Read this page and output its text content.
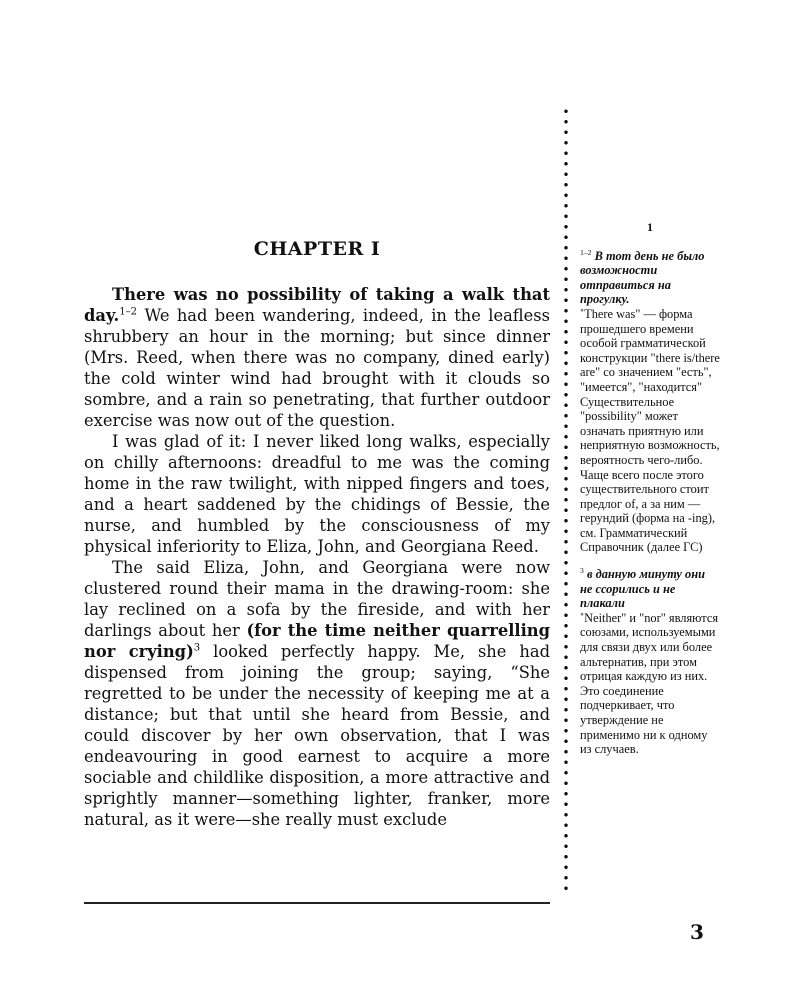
CHAPTER I

There was no possibility of taking a walk that day.$^{1-2}$ We had been wandering, indeed, in the leafless shrubbery an hour in the morning; but since dinner (Mrs. Reed, when there was no company, dined early) the cold winter wind had brought with it clouds so sombre, and a rain so penetrating, that further outdoor exercise was now out of the question.

I was glad of it: I never liked long walks, especially on chilly afternoons: dreadful to me was the coming home in the raw twilight, with nipped fingers and toes, and a heart saddened by the chidings of Bessie, the nurse, and humbled by the consciousness of my physical inferiority to Eliza, John, and Georgiana Reed.

The said Eliza, John, and Georgiana were now clustered round their mama in the drawing-room: she lay reclined on a sofa by the fireside, and with her darlings about her (for the time neither quarrelling nor crying)$^3$ looked perfectly happy. Me, she had dispensed from joining the group; saying, “She regretted to be under the necessity of keeping me at a distance; but that until she heard from Bessie, and could discover by her own observation, that I was endeavouring in good earnest to acquire a more sociable and childlike disposition, a more attractive and sprightly manner—something lighter, franker, more natural, as it were—she really must exclude

1

$^{1-2}$ В тот день не было возможности отправиться на прогулку.
˚There was" — форма прошедшего времени особой грамматической конструкции "there is/there are" со значением "есть", "имеется", "находится" Существительное "possibility" может означать приятную или неприятную возможность, вероятность чего-либо. Чаще всего после этого существительного стоит предлог of, а за ним — герундий (форма на -ing), см. Грамматический Справочник (далее ГС)

$^3$ в данную минуту они не ссорились и не плакали
˚Neither" и "nor" являются союзами, используемыми для связи двух или более альтернатив, при этом отрицая каждую из них. Это соединение подчеркивает, что утверждение не применимо ни к одному из случаев.

3
